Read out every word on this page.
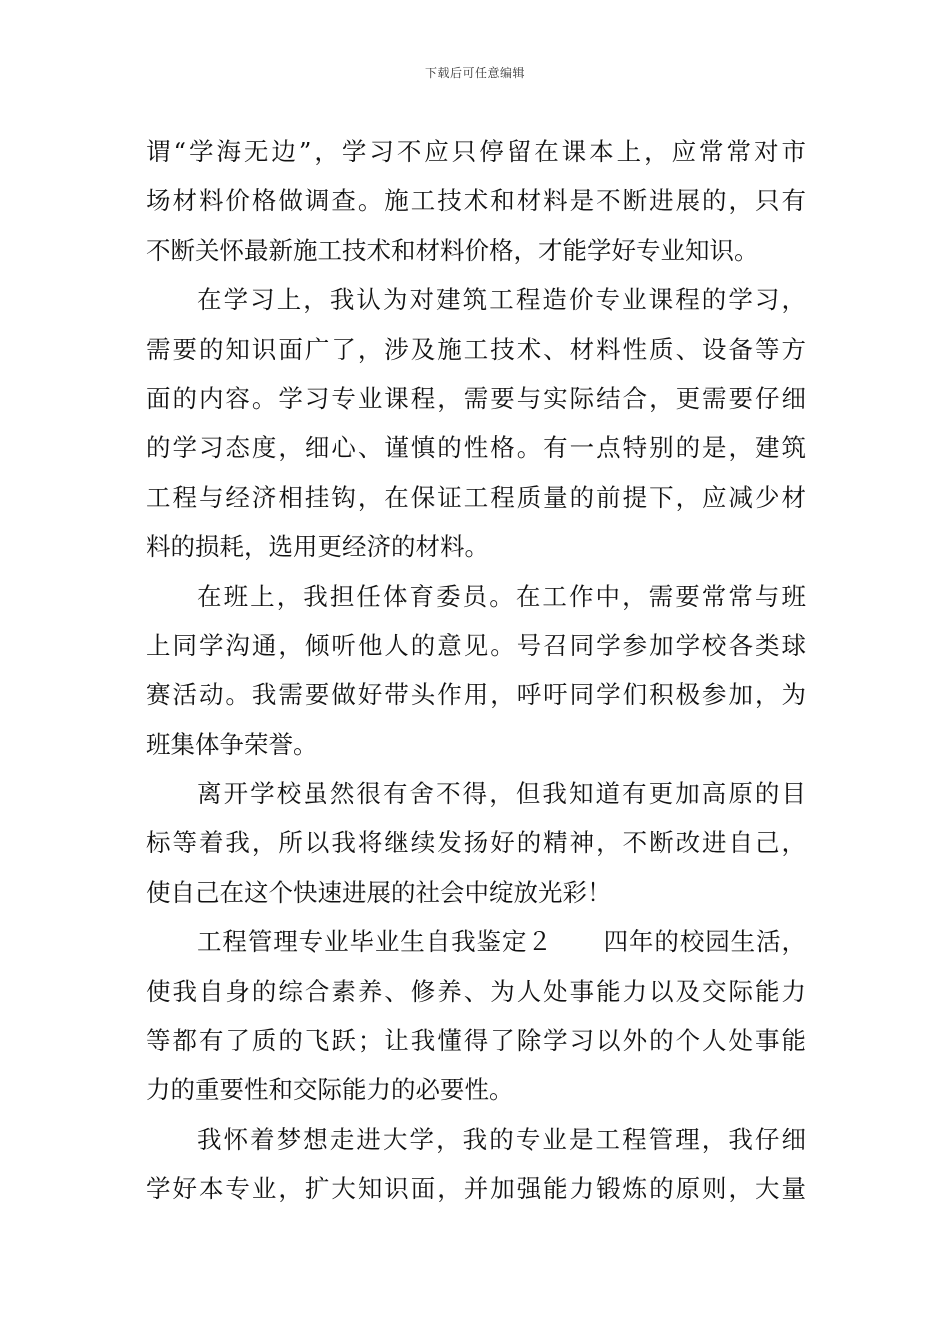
下载后可任意编辑
谓“学海无边”，学习不应只停留在课本上，应常常对市
场材料价格做调查。施工技术和材料是不断进展的，只有
不断关怀最新施工技术和材料价格，才能学好专业知识。
在学习上，我认为对建筑工程造价专业课程的学习，
需要的知识面广了，涉及施工技术、材料性质、设备等方
面的内容。学习专业课程，需要与实际结合，更需要仔细
的学习态度，细心、谨慎的性格。有一点特别的是，建筑
工程与经济相挂钩，在保证工程质量的前提下，应减少材
料的损耗，选用更经济的材料。
在班上，我担任体育委员。在工作中，需要常常与班
上同学沟通，倾听他人的意见。号召同学参加学校各类球
赛活动。我需要做好带头作用，呼吁同学们积极参加，为
班集体争荣誉。
离开学校虽然很有舍不得，但我知道有更加高原的目
标等着我，所以我将继续发扬好的精神，不断改进自己，
使自己在这个快速进展的社会中绽放光彩！
工程管理专业毕业生自我鉴定２　　四年的校园生活，
使我自身的综合素养、修养、为人处事能力以及交际能力
等都有了质的飞跃；让我懂得了除学习以外的个人处事能
力的重要性和交际能力的必要性。
我怀着梦想走进大学，我的专业是工程管理，我仔细
学好本专业，扩大知识面，并加强能力锻炼的原则，大量
